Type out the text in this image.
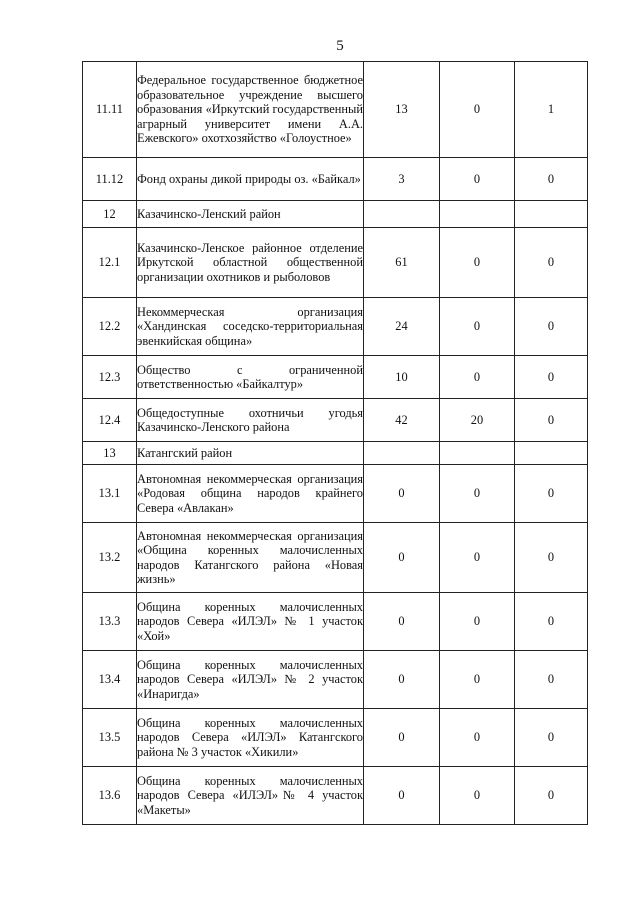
5
11.11	Федеральное государственное бюджетное образовательное учреждение высшего образования «Иркутский государственный аграрный университет имени А.А. Ежевского» охотхозяйство «Голоустное»	13	0	1
11.12	Фонд охраны дикой природы оз. «Байкал»	3	0	0
12	Казачинско-Ленский район			
12.1	Казачинско-Ленское районное отделение Иркутской областной общественной организации охотников и рыболовов	61	0	0
12.2	Некоммерческая организация «Хандинская соседско-территориальная эвенкийская община»	24	0	0
12.3	Общество с ограниченной ответственностью «Байкалтур»	10	0	0
12.4	Общедоступные охотничьи угодья Казачинско-Ленского района	42	20	0
13	Катангский район			
13.1	Автономная некоммерческая организация «Родовая община народов крайнего Севера «Авлакан»	0	0	0
13.2	Автономная некоммерческая организация «Община коренных малочисленных народов Катангского района «Новая жизнь»	0	0	0
13.3	Община коренных малочисленных народов Севера «ИЛЭЛ» № 1 участок «Хой»	0	0	0
13.4	Община коренных малочисленных народов Севера «ИЛЭЛ» № 2 участок «Инаригда»	0	0	0
13.5	Община коренных малочисленных народов Севера «ИЛЭЛ» Катангского района № 3 участок «Хикили»	0	0	0
13.6	Община коренных малочисленных народов Севера «ИЛЭЛ»№ 4 участок «Макеты»	0	0	0
